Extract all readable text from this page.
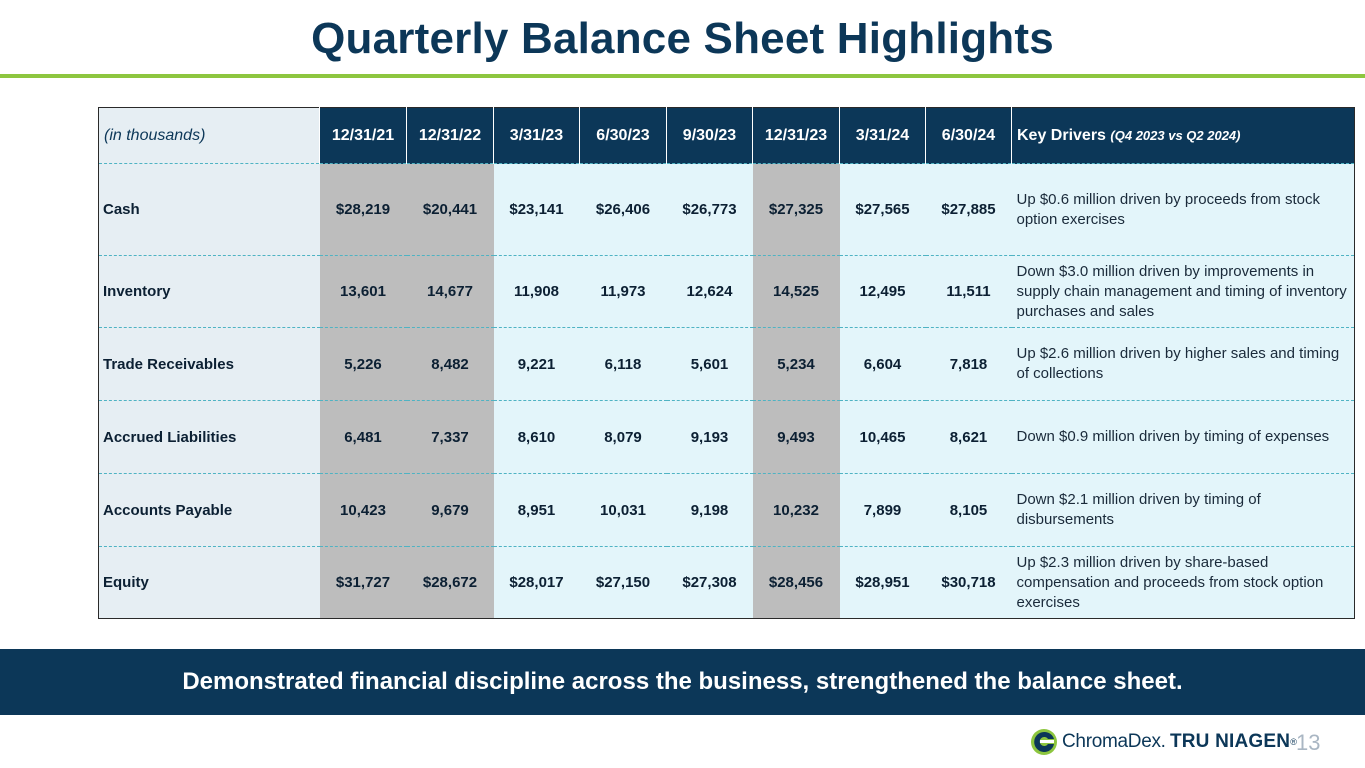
Quarterly Balance Sheet Highlights
(in thousands)	12/31/21	12/31/22	3/31/23	6/30/23	9/30/23	12/31/23	3/31/24	6/30/24	Key Drivers (Q4 2023 vs Q2 2024)
Cash	$28,219	$20,441	$23,141	$26,406	$26,773	$27,325	$27,565	$27,885	Up $0.6 million driven by proceeds from stock option exercises
Inventory	13,601	14,677	11,908	11,973	12,624	14,525	12,495	11,511	Down $3.0 million driven by improvements in supply chain management and timing of inventory purchases and sales
Trade Receivables	5,226	8,482	9,221	6,118	5,601	5,234	6,604	7,818	Up $2.6 million driven by higher sales and timing of collections
Accrued Liabilities	6,481	7,337	8,610	8,079	9,193	9,493	10,465	8,621	Down $0.9 million driven by timing of expenses
Accounts Payable	10,423	9,679	8,951	10,031	9,198	10,232	7,899	8,105	Down $2.1 million driven by timing of disbursements
Equity	$31,727	$28,672	$28,017	$27,150	$27,308	$28,456	$28,951	$30,718	Up $2.3 million driven by share-based compensation and proceeds from stock option exercises
Demonstrated financial discipline across the business, strengthened the balance sheet.
ChromaDex . TRU NIAGEN ® 13
